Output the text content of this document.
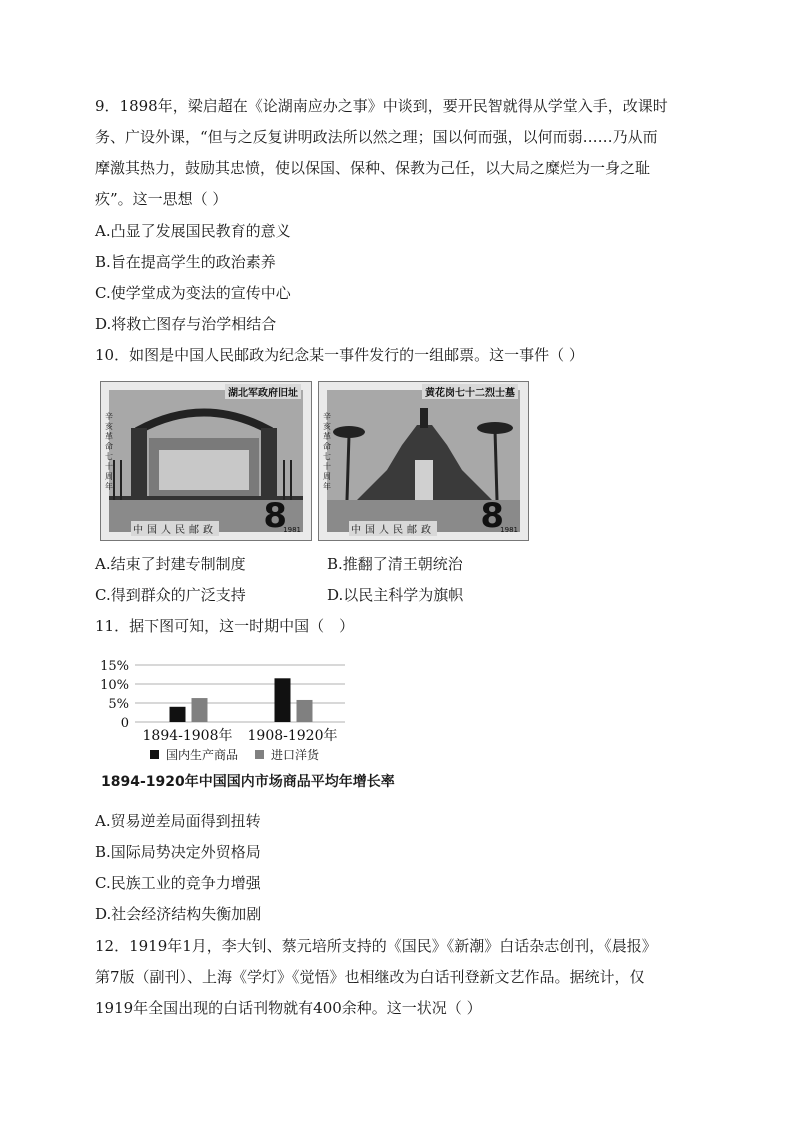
9．1898年，梁启超在《论湖南应办之事》中谈到，要开民智就得从学堂入手，改课时
务、广设外课，“但与之反复讲明政法所以然之理；国以何而强，以何而弱……乃从而
摩激其热力，鼓励其忠愤，使以保国、保种、保教为己任，以大局之糜烂为一身之耻
疚”。这一思想（ ）
A.凸显了发展国民教育的意义
B.旨在提高学生的政治素养
C.使学堂成为变法的宣传中心
D.将救亡图存与治学相结合
10．如图是中国人民邮政为纪念某一事件发行的一组邮票。这一事件（ ）
湖北军政府旧址
辛亥革命七十周年
中国人民邮政 8
1981
黄花岗七十二烈士墓
辛亥革命七十周年
中国人民邮政 8
1981
A.结束了封建专制制度	B.推翻了清王朝统治
C.得到群众的广泛支持	D.以民主科学为旗帜
11．据下图可知，这一时期中国（　）
15%
10%
5%
0
1894-1908年 1908-1920年
国内生产商品	进口洋货
1894-1920年中国国内市场商品平均年增长率
A.贸易逆差局面得到扭转
B.国际局势决定外贸格局
C.民族工业的竞争力增强
D.社会经济结构失衡加剧
12．1919年1月，李大钊、蔡元培所支持的《国民》《新潮》白话杂志创刊，《晨报》
第7版（副刊）、上海《学灯》《觉悟》也相继改为白话刊登新文艺作品。据统计，仅
1919年全国出现的白话刊物就有400余种。这一状况（ ）
